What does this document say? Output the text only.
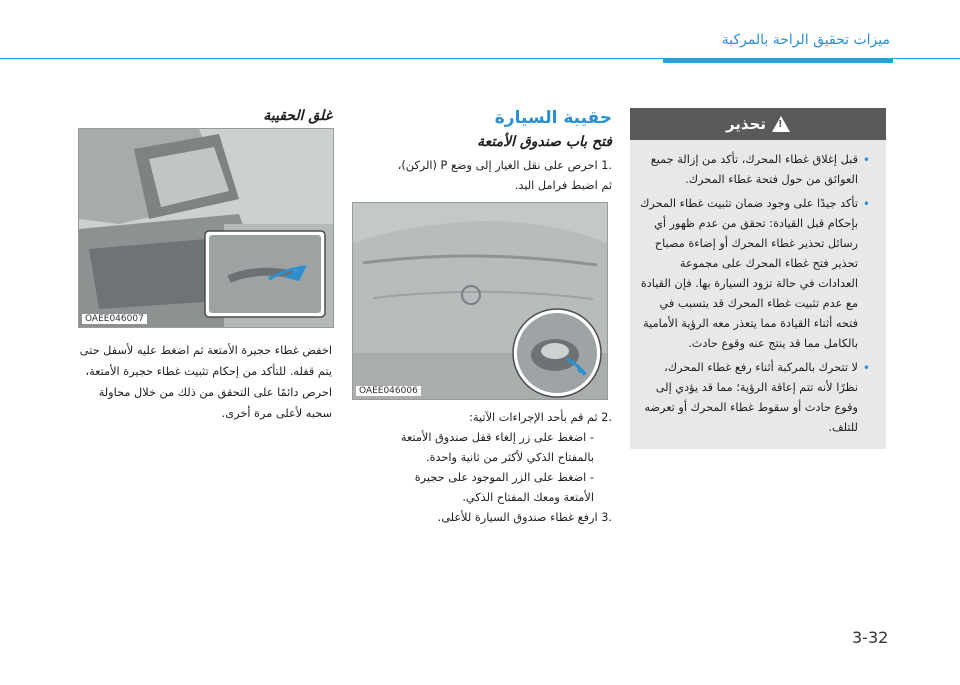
ميزات تحقيق الراحة بالمركبة
!
تحذير
• قبل إغلاق غطاء المحرك، تأكد من إزالة جميع العوائق من حول فتحة غطاء المحرك.
• تأكد جيدًا على وجود ضمان تثبيت غطاء المحرك بإحكام قبل القيادة: تحقق من عدم ظهور أي رسائل تحذير غطاء المحرك أو إضاءة مصباح تحذير فتح غطاء المحرك على مجموعة العدادات في حالة تزود السيارة بها. فإن القيادة مع عدم تثبيت غطاء المحرك قد يتسبب في فتحه أثناء القيادة مما يتعذر معه الرؤية الأمامية بالكامل مما قد ينتج عنه وقوع حادث.
• لا تتحرك بالمركبة أثناء رفع غطاء المحرك، نظرًا لأنه تتم إعاقة الرؤية؛ مما قد يؤدي إلى وقوع حادث أو سقوط غطاء المحرك أو تعرضه للتلف.
حقيبة السيارة
فتح باب صندوق الأمتعة
.1 احرص على نقل الغيار إلى وضع P (الركن)،
ثم اضبط فرامل اليد.
OAEE046006
.2 ثم قم بأحد الإجراءات الآتية:
- اضغط على زر إلغاء قفل صندوق الأمتعة
بالمفتاح الذكي لأكثر من ثانية واحدة.
- اضغط على الزر الموجود على حجيرة
الأمتعة ومعك المفتاح الذكي.
.3 ارفع غطاء صندوق السيارة للأعلى.
غلق الحقيبة
OAEE046007
اخفض غطاء حجيرة الأمتعة ثم اضغط عليه لأسفل حتى يتم قفله. للتأكد من إحكام تثبيت غطاء حجيرة الأمتعة، احرص دائمًا على التحقق من ذلك من خلال محاولة سحبه لأعلى مرة أخرى.
3-32
